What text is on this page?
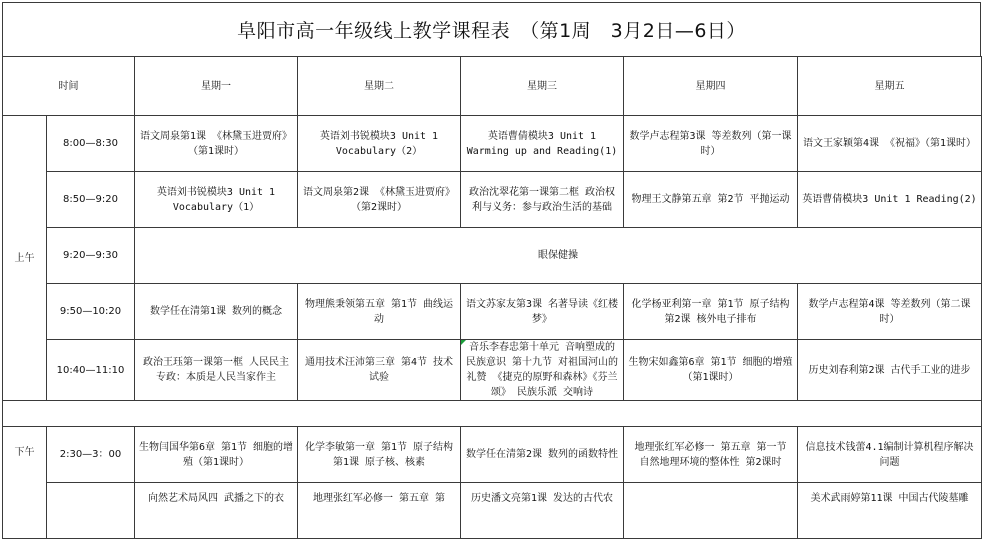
阜阳市高一年级线上教学课程表　（第1周　3月2日—6日）
时间		星期一	星期二	星期三	星期四	星期五
上午	8:00—8:30	语文周泉第1课 《林黛玉进贾府》（第1课时）	英语刘书锐模块3 Unit 1 Vocabulary（2）	英语曹倩模块3 Unit 1 Warming up and Reading(1)	数学卢志程第3课 等差数列（第一课时）	语文王家颖第4课 《祝福》（第1课时）
	8:50—9:20	英语刘书锐模块3 Unit 1 Vocabulary（1）	语文周泉第2课 《林黛玉进贾府》（第2课时）	政治沈翠花第一课第二框 政治权利与义务：参与政治生活的基础	物理王文静第五章 第2节 平抛运动	英语曹倩模块3 Unit 1 Reading(2)
	9:20—9:30	眼保健操				
	9:50—10:20	数学任在清第1课 数列的概念	物理熊秉领第五章 第1节 曲线运动	语文苏家友第3课 名著导读《红楼梦》	化学杨亚利第一章 第1节 原子结构 第2课 核外电子排布	数学卢志程第4课 等差数列（第二课时）
	10:40—11:10	政治王珏第一课第一框 人民民主专政：本质是人民当家作主	通用技术汪沛第三章 第4节 技术试验	音乐李春忠第十单元 音响塑成的民族意识 第十九节 对祖国河山的礼赞 《捷克的原野和森林》《芬兰颂》 民族乐派 交响诗	生物宋如鑫第6章 第1节 细胞的增殖（第1课时）	历史刘春利第2课 古代手工业的进步

下午	2:30—3：00	生物闫国华第6章 第1节 细胞的增殖（第1课时）	化学李敏第一章 第1节 原子结构 第1课 原子核、核素	数学任在清第2课 数列的函数特性	地理张红军必修一 第五章 第一节 自然地理环境的整体性 第2课时	信息技术钱蕾4.1编制计算机程序解决问题
		向然艺术局风四 武播之下的衣	地理张红军必修一 第五章 第	历史潘文亮第1课 发达的古代农		美术武雨婷第11课 中国古代陵墓雕
